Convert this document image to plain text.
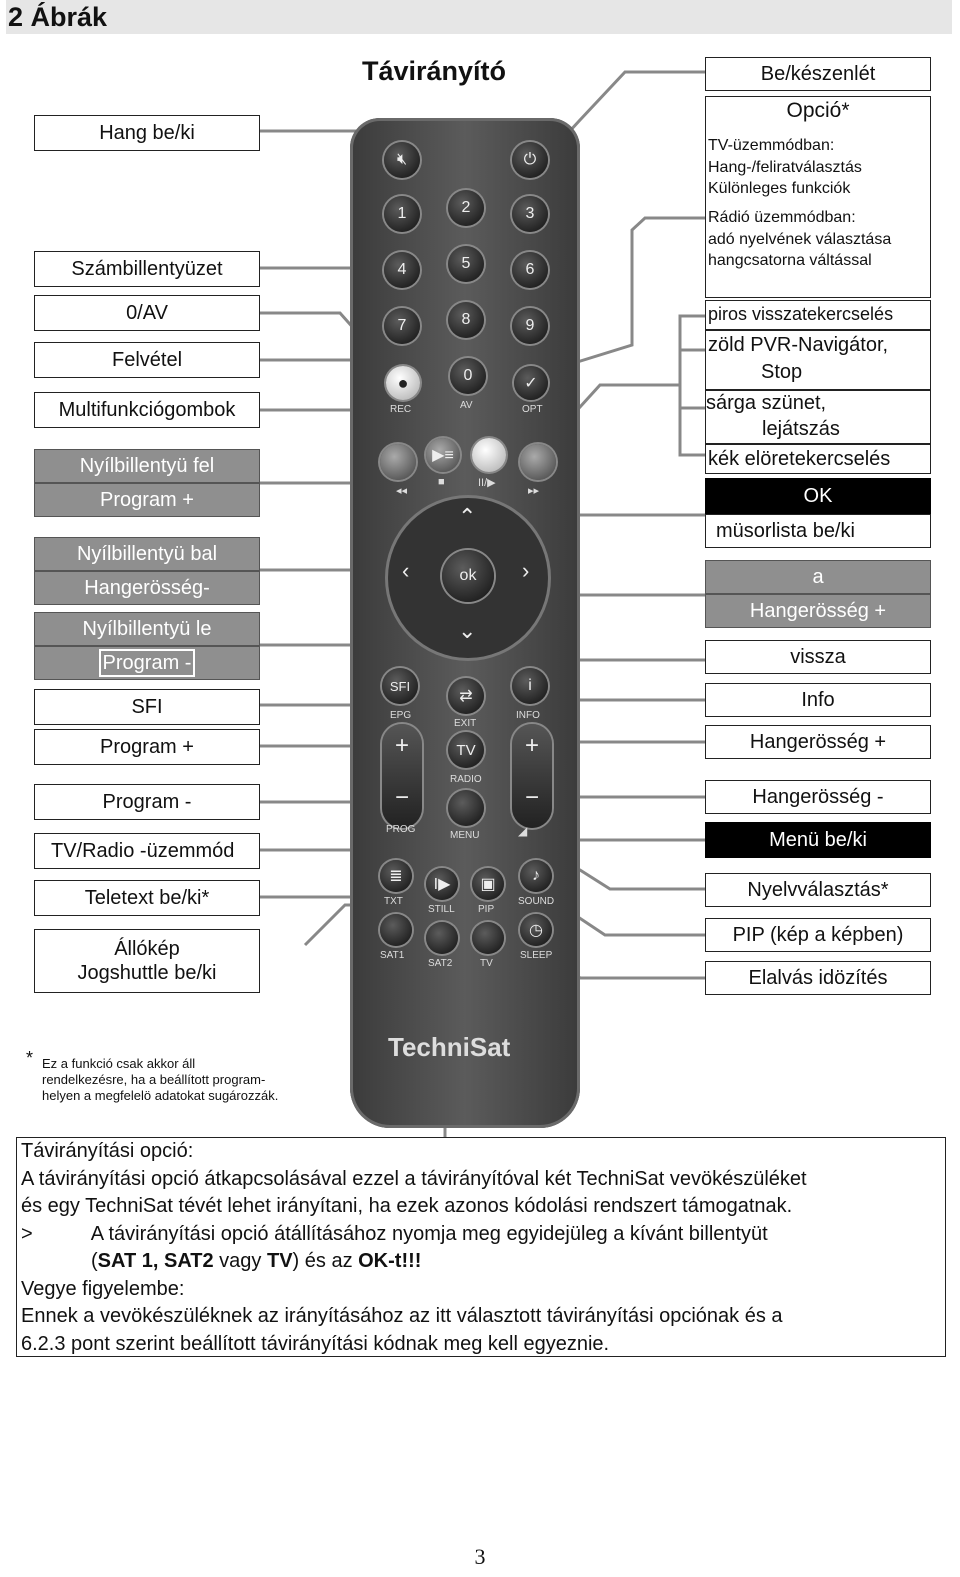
2 Ábrák
Távirányító
Hang be/ki
Számbillentyüzet
0/AV
Felvétel
Multifunkciógombok
Nyílbillentyü fel
Program +
Nyílbillentyü bal
Hangerösség-
Nyílbillentyü le
Program -
SFI
Program +
Program -
TV/Radio -üzemmód
Teletext be/ki*
Állókép
Jogshuttle be/ki
Be/készenlét
Opció*
TV-üzemmódban:
Hang-/feliratválasztás
Különleges funkciók
Rádió üzemmódban:
adó nyelvének választása
hangcsatorna váltással
piros visszatekercselés
zöld PVR-Navigátor,
Stop
sárga szünet,
lejátszás
kék elöretekercselés
OK
müsorlista be/ki
a
Hangerösség +
vissza
Info
Hangerösség +
Hangerösség -
Menü be/ki
Nyelvválasztás*
PIP (kép a képben)
Elalvás idözítés
🔇︎	⏻
1	2	3
4	5	6
7	8	9
●
REC
0
AV
✓
OPT
▶≡
◂◂
■	II/▶
▸▸
⌃
‹	›
⌄
ok
SFI
EPG
⇄
EXIT
i
INFO
+
−
PROG
TV
RADIO
MENU
+
−
◢
≣
TXT
I▶
STILL
▣
PIP
♪
SOUND
SAT1
SAT2	TV
◷
SLEEP
TechniSat
* Ez a funkció csak akkor áll
rendelkezésre, ha a beállított program-
helyen a megfelelö adatokat sugározzák.
Távirányítási opció:
A távirányítási opció átkapcsolásával ezzel a távirányítóval két TechniSat vevökészüléket
és egy TechniSat tévét lehet irányítani, ha ezek azonos kódolási rendszert támogatnak.
>	A távirányítási opció átállításához nyomja meg egyidejüleg a kívánt billentyüt
(SAT 1, SAT2 vagy TV) és az OK-t!!!
Vegye figyelembe:
Ennek a vevökészüléknek az irányításához az itt választott távirányítási opciónak és a
6.2.3 pont szerint beállított távirányítási kódnak meg kell egyeznie.
3
